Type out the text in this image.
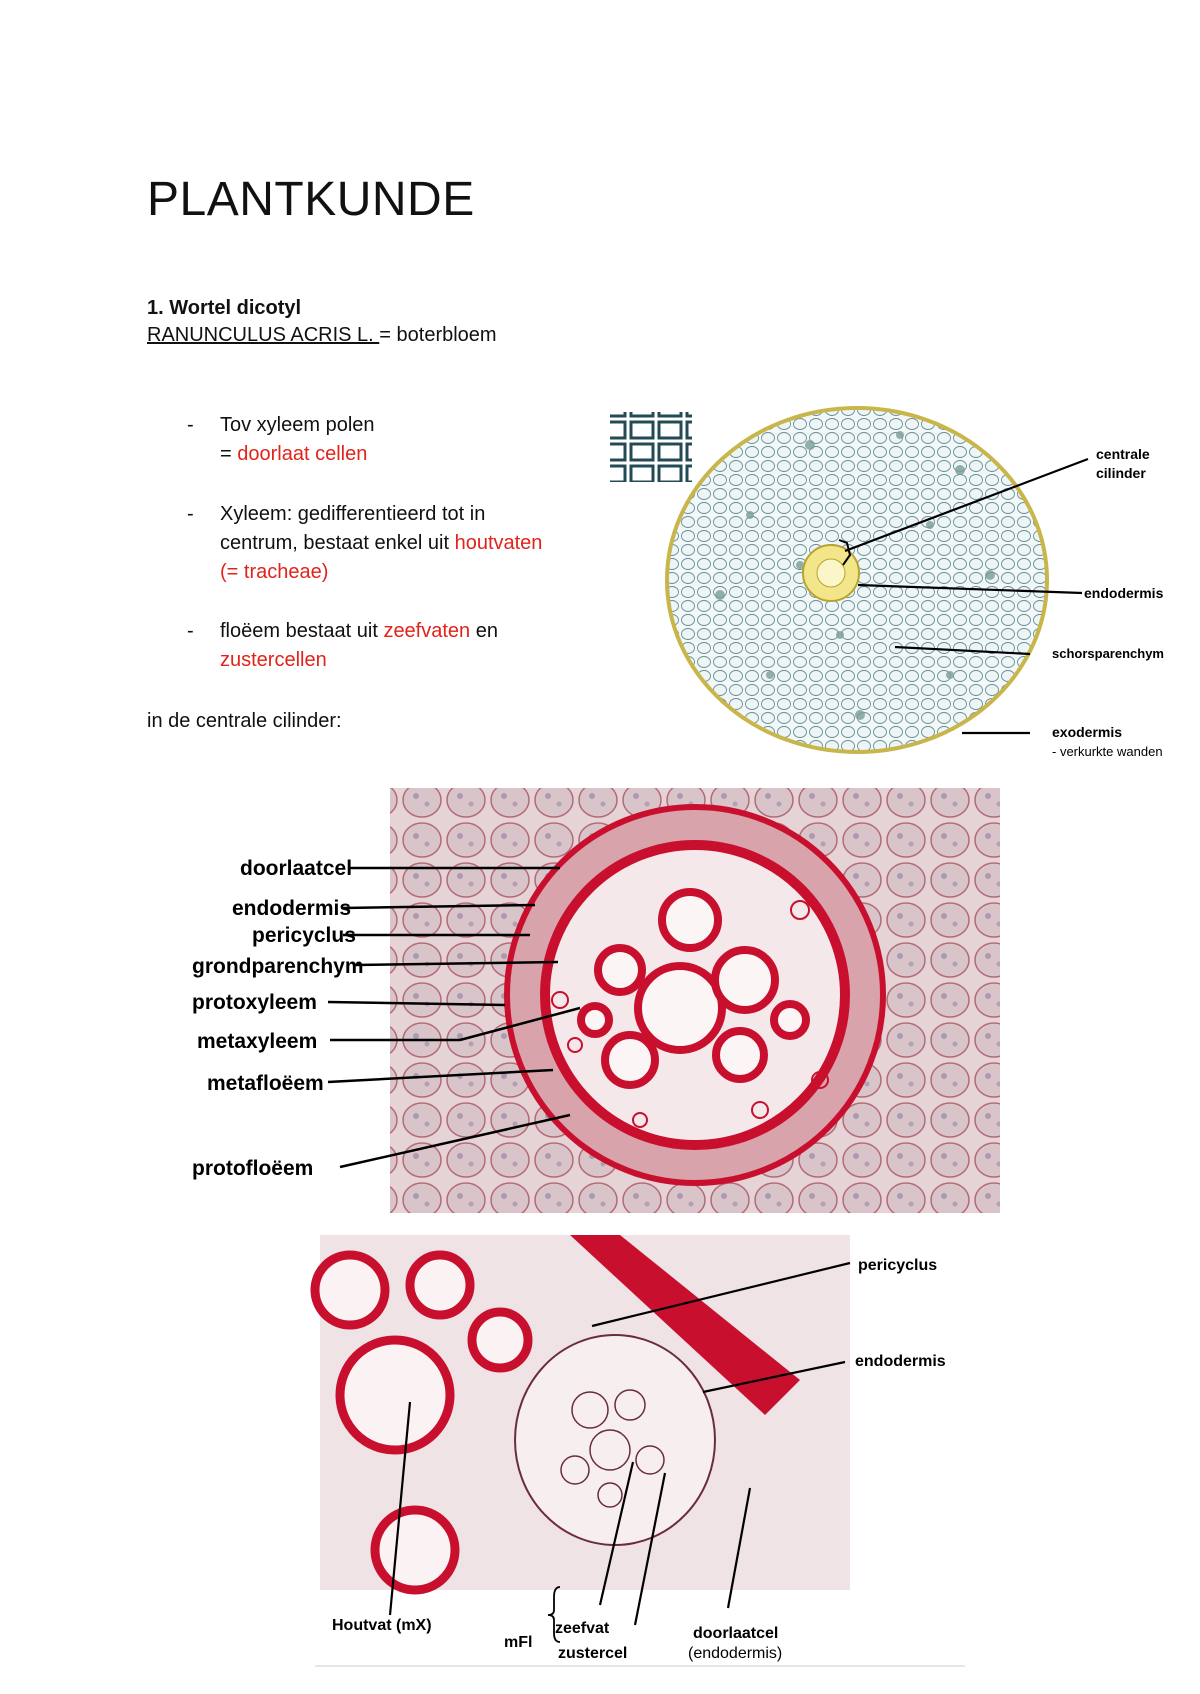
PLANTKUNDE
1. Wortel dicotyl
RANUNCULUS ACRIS L. = boterbloem
- Tov xyleem polen
= doorlaat cellen
- Xyleem: gedifferentieerd tot in
centrum, bestaat enkel uit houtvaten
(= tracheae)
- floëem bestaat uit zeefvaten en
zustercellen
in de centrale cilinder:
centrale
cilinder
endodermis
schorsparenchym
exodermis
- verkurkte wanden
doorlaatcel
endodermis
pericyclus
grondparenchym
protoxyleem
metaxyleem
metafloëem
protofloëem
pericyclus
endodermis
Houtvat (mX)
mFl
zeefvat
zustercel
doorlaatcel
(endodermis)
